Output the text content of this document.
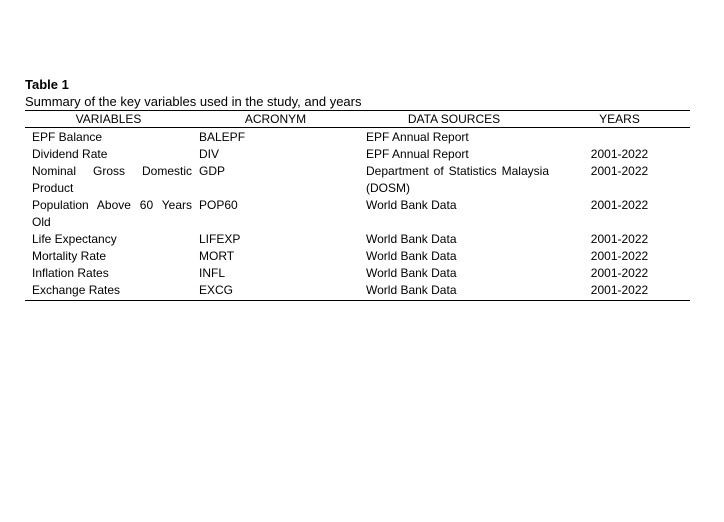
Table 1

Summary of the key variables used in the study, and years

VARIABLES	ACRONYM	DATA SOURCES	YEARS
EPF Balance	BALEPF	EPF Annual Report	
Dividend Rate	DIV	EPF Annual Report	2001-2022
Nominal Gross Domestic Product	GDP	Department of Statistics Malaysia (DOSM)	2001-2022
Population Above 60 Years Old	POP60	World Bank Data	2001-2022
Life Expectancy	LIFEXP	World Bank Data	2001-2022
Mortality Rate	MORT	World Bank Data	2001-2022
Inflation Rates	INFL	World Bank Data	2001-2022
Exchange Rates	EXCG	World Bank Data	2001-2022
